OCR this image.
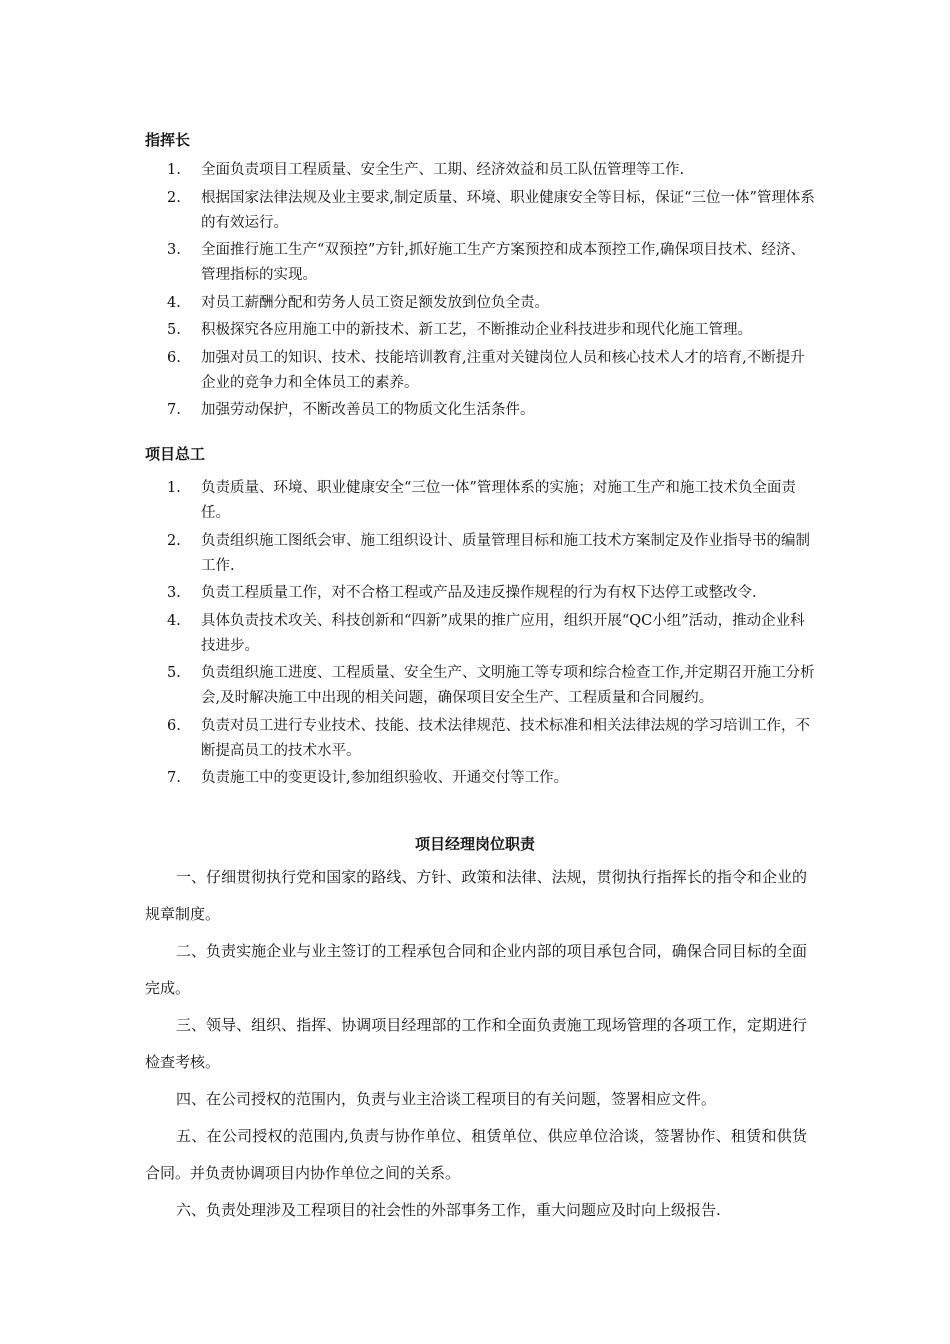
指挥长
1.	全面负责项目工程质量、安全生产、工期、经济效益和员工队伍管理等工作.
2.	根据国家法律法规及业主要求,制定质量、环境、职业健康安全等目标，保证“三位一体”管理体系的有效运行。
3.	全面推行施工生产“双预控”方针,抓好施工生产方案预控和成本预控工作,确保项目技术、经济、管理指标的实现。
4.	对员工薪酬分配和劳务人员工资足额发放到位负全责。
5.	积极探究各应用施工中的新技术、新工艺，不断推动企业科技进步和现代化施工管理。
6.	加强对员工的知识、技术、技能培训教育,注重对关键岗位人员和核心技术人才的培育,不断提升企业的竞争力和全体员工的素养。
7.	加强劳动保护，不断改善员工的物质文化生活条件。
项目总工
1.	负责质量、环境、职业健康安全“三位一体”管理体系的实施；对施工生产和施工技术负全面责任。
2.	负责组织施工图纸会审、施工组织设计、质量管理目标和施工技术方案制定及作业指导书的编制工作.
3.	负责工程质量工作，对不合格工程或产品及违反操作规程的行为有权下达停工或整改令.
4.	具体负责技术攻关、科技创新和“四新”成果的推广应用，组织开展“QC小组”活动，推动企业科技进步。
5.	负责组织施工进度、工程质量、安全生产、文明施工等专项和综合检查工作,并定期召开施工分析会,及时解决施工中出现的相关问题，确保项目安全生产、工程质量和合同履约。
6.	负责对员工进行专业技术、技能、技术法律规范、技术标准和相关法律法规的学习培训工作，不断提高员工的技术水平。
7.	负责施工中的变更设计,参加组织验收、开通交付等工作。
项目经理岗位职责

一、仔细贯彻执行党和国家的路线、方针、政策和法律、法规，贯彻执行指挥长的指令和企业的规章制度。

二、负责实施企业与业主签订的工程承包合同和企业内部的项目承包合同，确保合同目标的全面完成。

三、领导、组织、指挥、协调项目经理部的工作和全面负责施工现场管理的各项工作，定期进行检查考核。

四、在公司授权的范围内，负责与业主洽谈工程项目的有关问题，签署相应文件。

五、在公司授权的范围内,负责与协作单位、租赁单位、供应单位洽谈，签署协作、租赁和供货合同。并负责协调项目内协作单位之间的关系。

六、负责处理涉及工程项目的社会性的外部事务工作，重大问题应及时向上级报告.
